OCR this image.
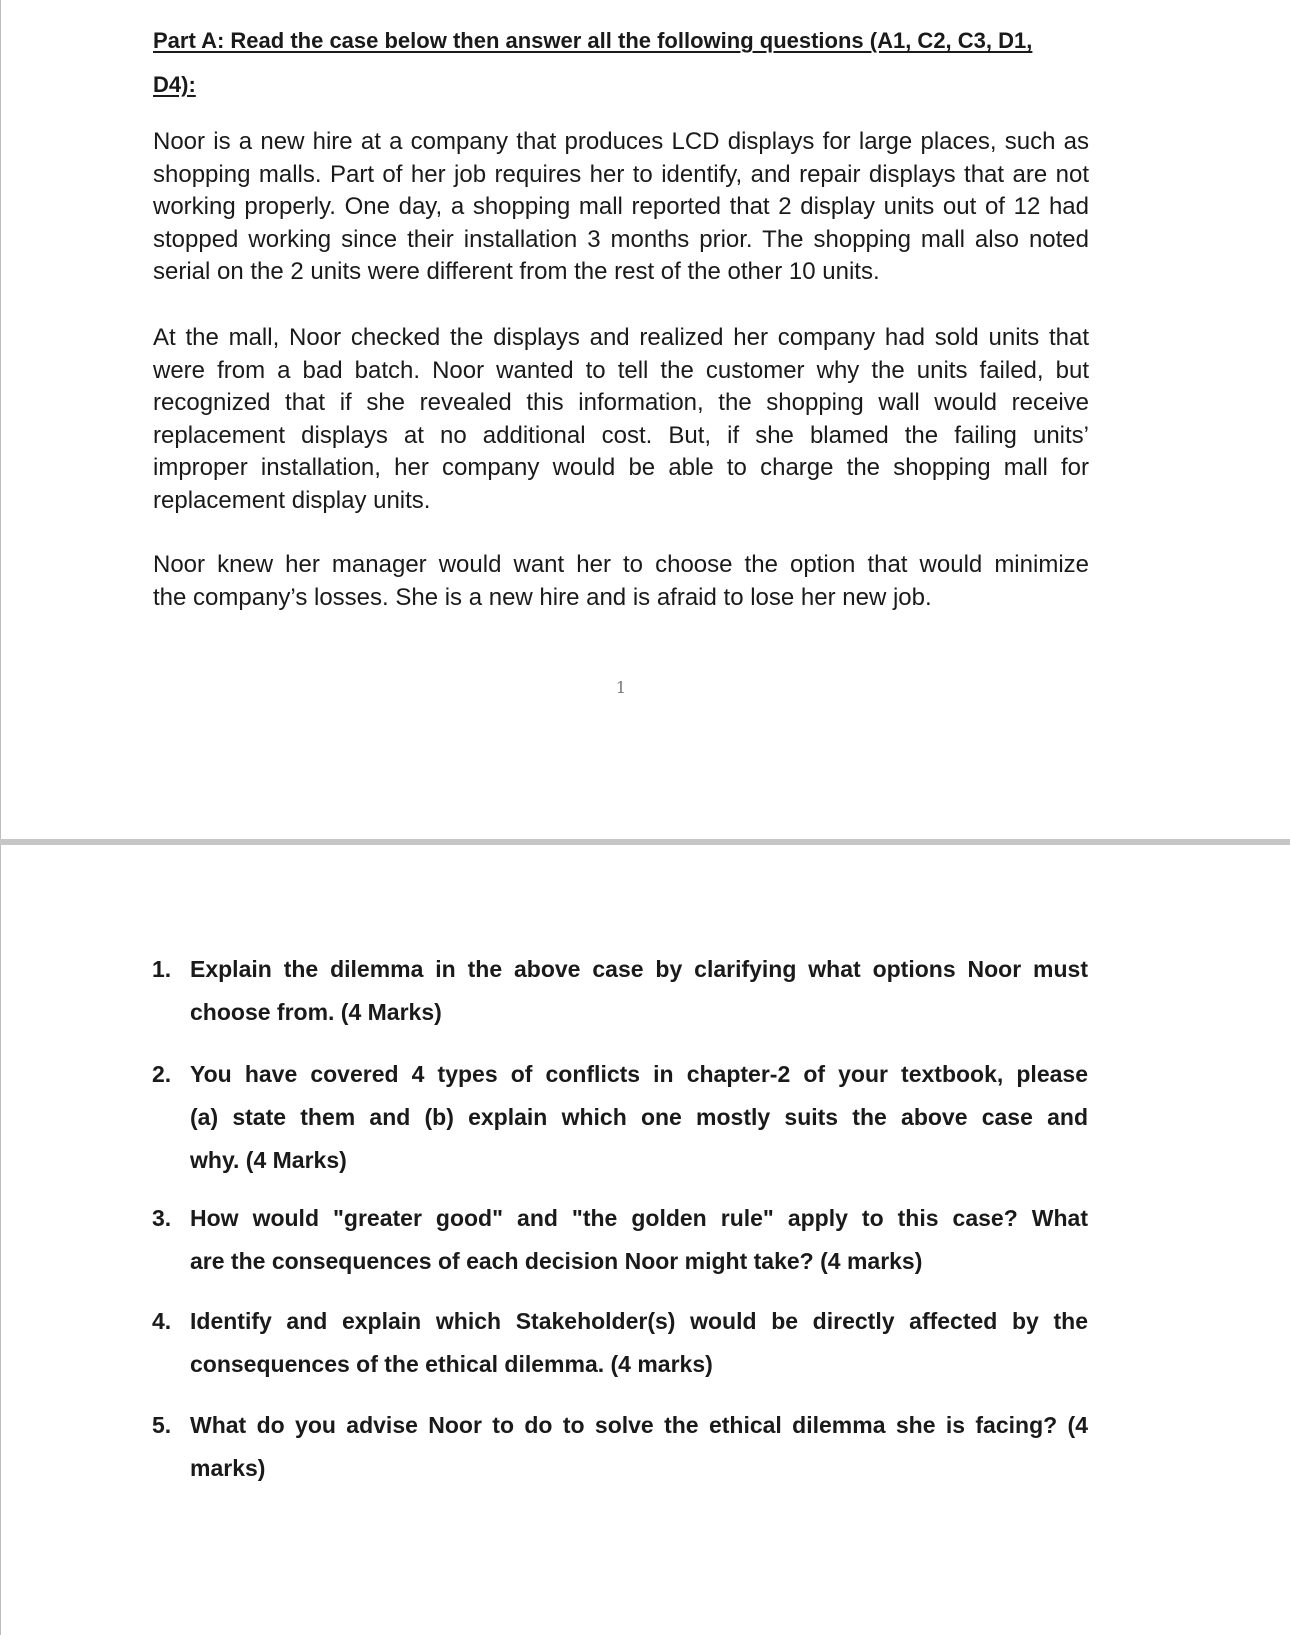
Part A: Read the case below then answer all the following questions (A1, C2, C3, D1,
D4):
Noor is a new hire at a company that produces LCD displays for large places, such as
shopping malls. Part of her job requires her to identify, and repair displays that are not
working properly. One day, a shopping mall reported that 2 display units out of 12 had
stopped working since their installation 3 months prior. The shopping mall also noted
serial on the 2 units were different from the rest of the other 10 units.
At the mall, Noor checked the displays and realized her company had sold units that
were from a bad batch. Noor wanted to tell the customer why the units failed, but
recognized that if she revealed this information, the shopping wall would receive
replacement displays at no additional cost. But, if she blamed the failing units’
improper installation, her company would be able to charge the shopping mall for
replacement display units.
Noor knew her manager would want her to choose the option that would minimize
the company’s losses. She is a new hire and is afraid to lose her new job.
1
1. Explain the dilemma in the above case by clarifying what options Noor must
choose from. (4 Marks)
2. You have covered 4 types of conflicts in chapter-2 of your textbook, please
(a) state them and (b) explain which one mostly suits the above case and
why. (4 Marks)
3. How would "greater good" and "the golden rule" apply to this case? What
are the consequences of each decision Noor might take? (4 marks)
4. Identify and explain which Stakeholder(s) would be directly affected by the
consequences of the ethical dilemma. (4 marks)
5. What do you advise Noor to do to solve the ethical dilemma she is facing? (4
marks)
